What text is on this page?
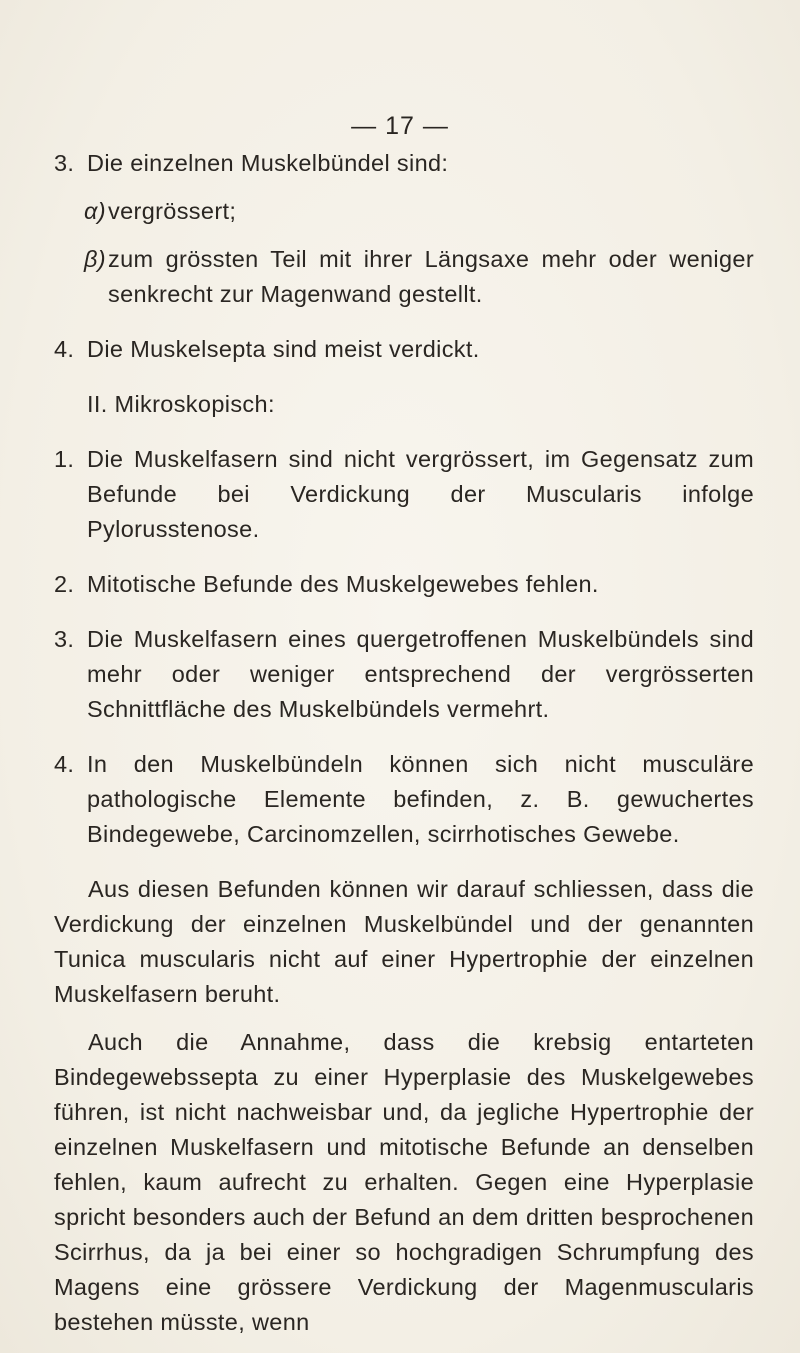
— 17 —
3. Die einzelnen Muskelbündel sind:
α) vergrössert;
β) zum grössten Teil mit ihrer Längsaxe mehr oder weniger senkrecht zur Magenwand gestellt.
4. Die Muskelsepta sind meist verdickt.
II. Mikroskopisch:
1. Die Muskelfasern sind nicht vergrössert, im Gegensatz zum Befunde bei Verdickung der Muscularis infolge Pylorusstenose.
2. Mitotische Befunde des Muskelgewebes fehlen.
3. Die Muskelfasern eines quergetroffenen Muskelbündels sind mehr oder weniger entsprechend der vergrösserten Schnittfläche des Muskelbündels vermehrt.
4. In den Muskelbündeln können sich nicht musculäre pathologische Elemente befinden, z. B. gewuchertes Bindegewebe, Carcinomzellen, scirrhotisches Gewebe.
Aus diesen Befunden können wir darauf schliessen, dass die Verdickung der einzelnen Muskelbündel und der genannten Tunica muscularis nicht auf einer Hypertrophie der einzelnen Muskelfasern beruht.
Auch die Annahme, dass die krebsig entarteten Bindegewebssepta zu einer Hyperplasie des Muskelgewebes führen, ist nicht nachweisbar und, da jegliche Hypertrophie der einzelnen Muskelfasern und mitotische Befunde an denselben fehlen, kaum aufrecht zu erhalten. Gegen eine Hyperplasie spricht besonders auch der Befund an dem dritten besprochenen Scirrhus, da ja bei einer so hochgradigen Schrumpfung des Magens eine grössere Verdickung der Magenmuscularis bestehen müsste, wenn
